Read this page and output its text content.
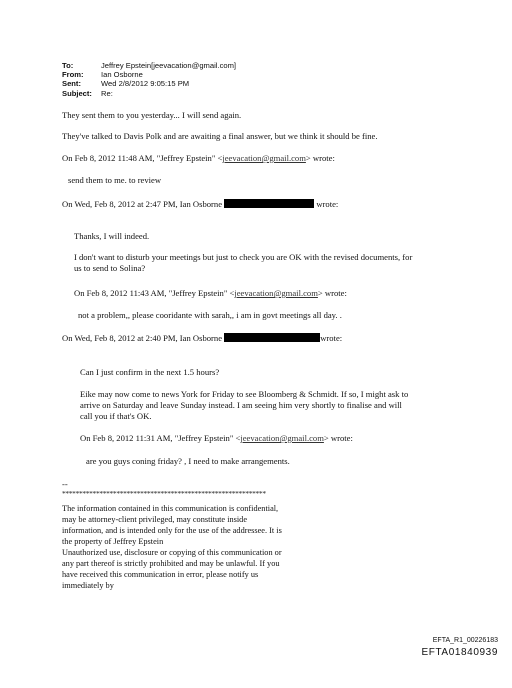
To:	Jeffrey Epstein[jeevacation@gmail.com]
From:	Ian Osborne
Sent:	Wed 2/8/2012 9:05:15 PM
Subject:	Re:
They sent them to you yesterday... I will send again.
They've talked to Davis Polk and are awaiting a final answer, but we think it should be fine.
On Feb 8, 2012 11:48 AM, "Jeffrey Epstein" <jeevacation@gmail.com> wrote:
send them to me. to review
On Wed, Feb 8, 2012 at 2:47 PM, Ian Osborne	wrote:
Thanks, I will indeed.
I don't want to disturb your meetings but just to check you are OK with the revised documents, for us to send to Solina?
On Feb 8, 2012 11:43 AM, "Jeffrey Epstein" <jeevacation@gmail.com> wrote:
not a problem,, please cooridante with sarah,, i am in govt meetings all day. .
On Wed, Feb 8, 2012 at 2:40 PM, Ian Osborne	wrote:
Can I just confirm in the next 1.5 hours?
Eike may now come to news York for Friday to see Bloomberg & Schmidt. If so, I might ask to arrive on Saturday and leave Sunday instead. I am seeing him very shortly to finalise and will call you if that's OK.
On Feb 8, 2012 11:31 AM, "Jeffrey Epstein" <jeevacation@gmail.com> wrote:
are you guys coning friday? , I need to make arrangements.
--
************************************************************
The information contained in this communication is confidential, may be attorney-client privileged, may constitute inside information, and is intended only for the use of the addressee. It is the property of Jeffrey Epstein
Unauthorized use, disclosure or copying of this communication or any part thereof is strictly prohibited and may be unlawful. If you have received this communication in error, please notify us immediately by
EFTA_R1_00226183
EFTA01840939
